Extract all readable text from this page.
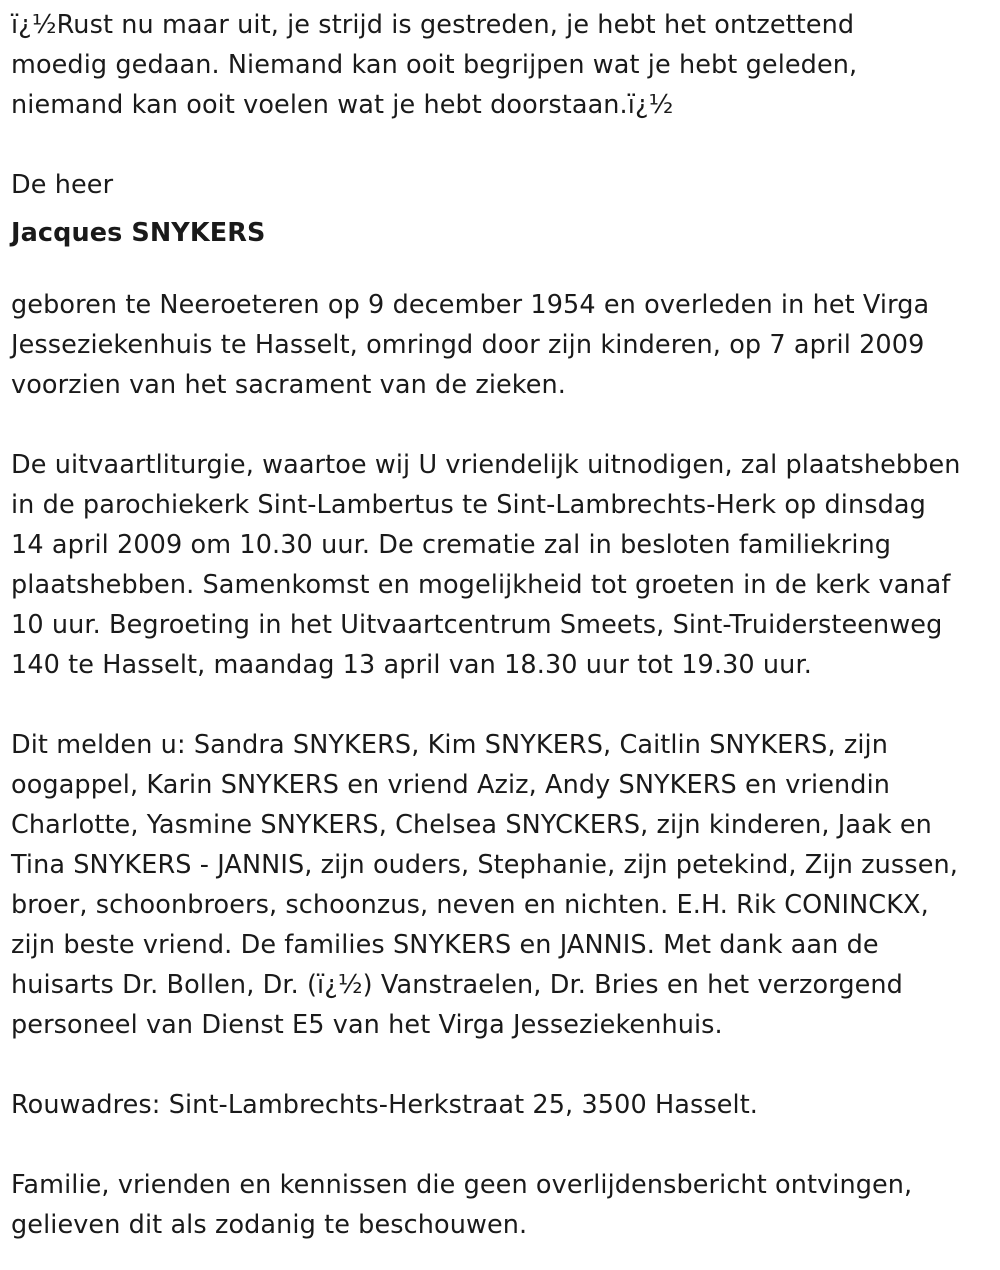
ï¿½Rust nu maar uit, je strijd is gestreden, je hebt het ontzettend
moedig gedaan. Niemand kan ooit begrijpen wat je hebt geleden,
niemand kan ooit voelen wat je hebt doorstaan.ï¿½
De heer
Jacques SNYKERS
geboren te Neeroeteren op 9 december 1954 en overleden in het Virga
Jesseziekenhuis te Hasselt, omringd door zijn kinderen, op 7 april 2009
voorzien van het sacrament van de zieken.
De uitvaartliturgie, waartoe wij U vriendelijk uitnodigen, zal plaatshebben
in de parochiekerk Sint-Lambertus te Sint-Lambrechts-Herk op dinsdag
14 april 2009 om 10.30 uur. De crematie zal in besloten familiekring
plaatshebben. Samenkomst en mogelijkheid tot groeten in de kerk vanaf
10 uur. Begroeting in het Uitvaartcentrum Smeets, Sint-Truidersteenweg
140 te Hasselt, maandag 13 april van 18.30 uur tot 19.30 uur.
Dit melden u: Sandra SNYKERS, Kim SNYKERS, Caitlin SNYKERS, zijn
oogappel, Karin SNYKERS en vriend Aziz, Andy SNYKERS en vriendin
Charlotte, Yasmine SNYKERS, Chelsea SNYCKERS, zijn kinderen, Jaak en
Tina SNYKERS - JANNIS, zijn ouders, Stephanie, zijn petekind, Zijn zussen,
broer, schoonbroers, schoonzus, neven en nichten. E.H. Rik CONINCKX,
zijn beste vriend. De families SNYKERS en JANNIS. Met dank aan de
huisarts Dr. Bollen, Dr. (ï¿½) Vanstraelen, Dr. Bries en het verzorgend
personeel van Dienst E5 van het Virga Jesseziekenhuis.
Rouwadres: Sint-Lambrechts-Herkstraat 25, 3500 Hasselt.
Familie, vrienden en kennissen die geen overlijdensbericht ontvingen,
gelieven dit als zodanig te beschouwen.
